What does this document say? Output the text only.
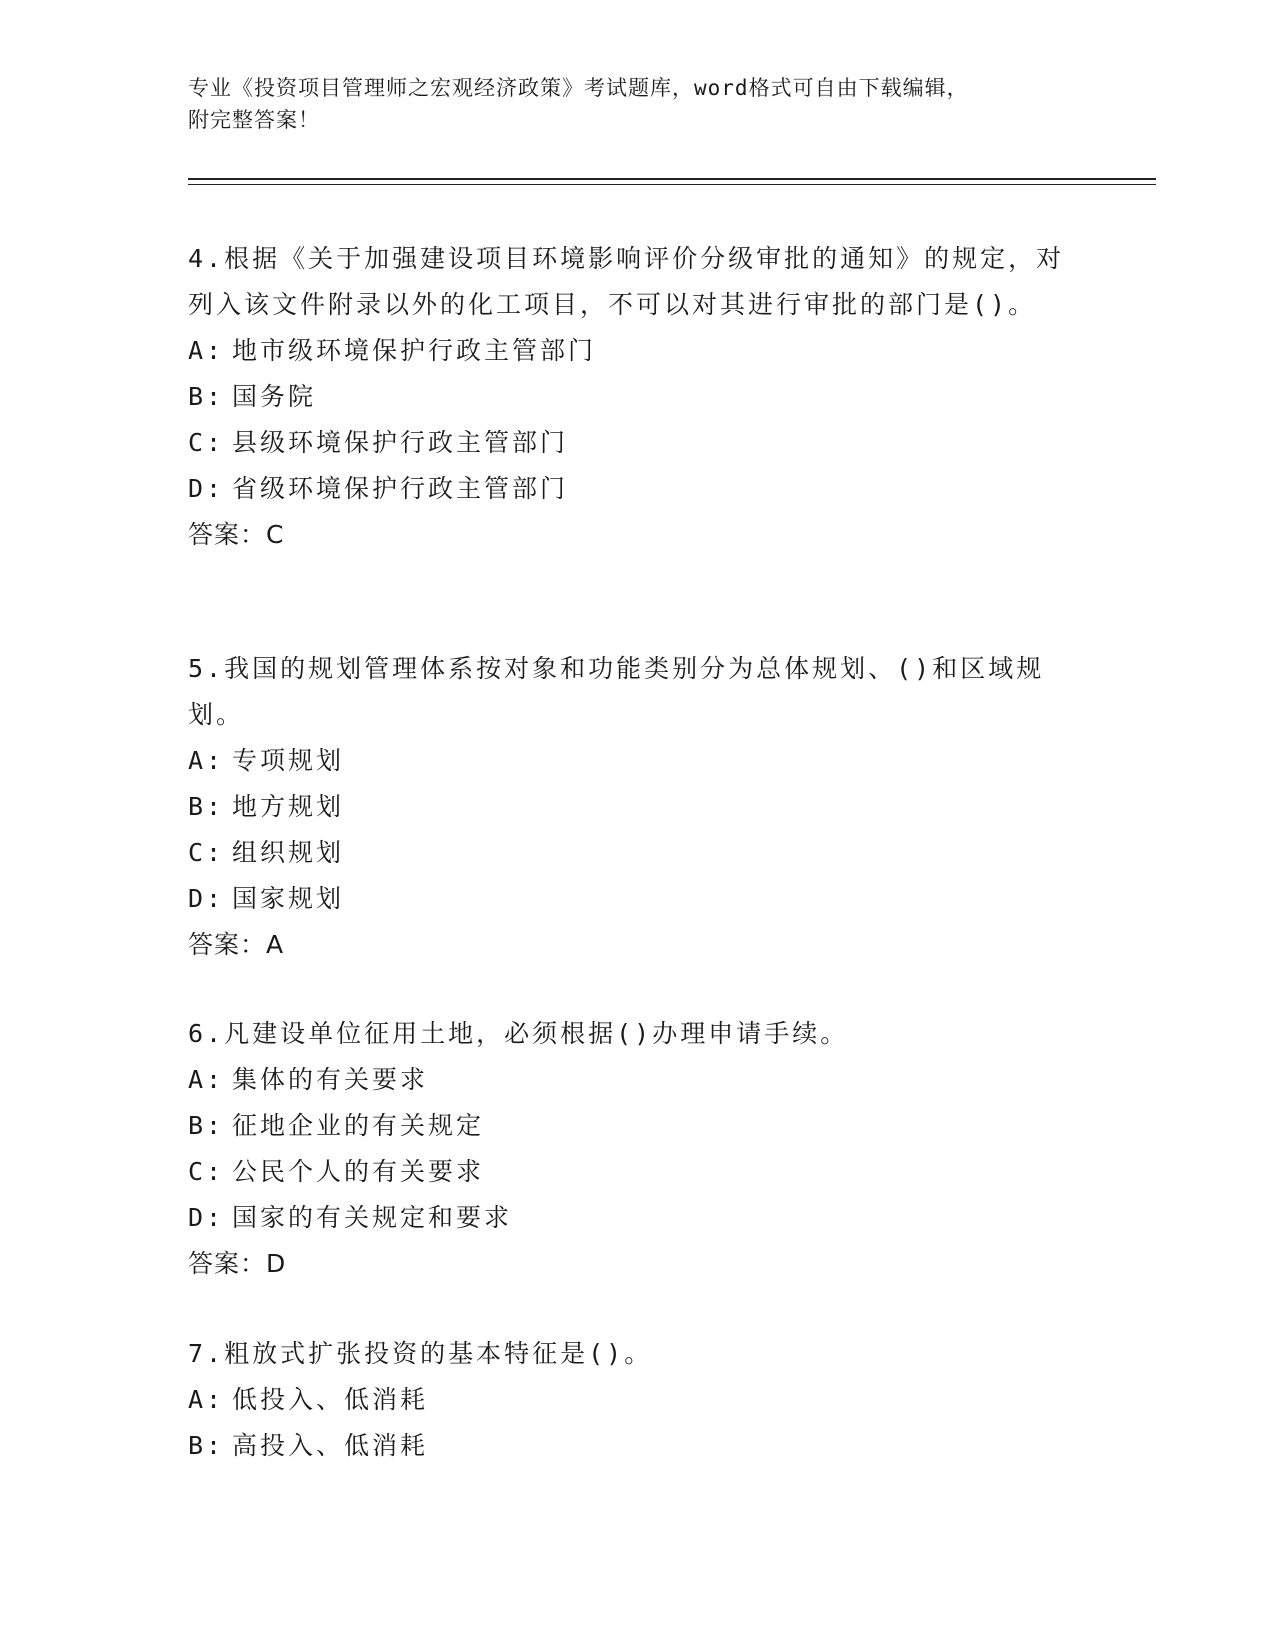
专业《投资项目管理师之宏观经济政策》考试题库，word格式可自由下载编辑，
附完整答案！
4.根据《关于加强建设项目环境影响评价分级审批的通知》的规定，对列入该文件附录以外的化工项目，不可以对其进行审批的部门是()。
A: 地市级环境保护行政主管部门
B: 国务院
C: 县级环境保护行政主管部门
D: 省级环境保护行政主管部门
答案：C
5.我国的规划管理体系按对象和功能类别分为总体规划、()和区域规划。
A: 专项规划
B: 地方规划
C: 组织规划
D: 国家规划
答案：A
6.凡建设单位征用土地，必须根据()办理申请手续。
A: 集体的有关要求
B: 征地企业的有关规定
C: 公民个人的有关要求
D: 国家的有关规定和要求
答案：D
7.粗放式扩张投资的基本特征是()。
A: 低投入、低消耗
B: 高投入、低消耗
